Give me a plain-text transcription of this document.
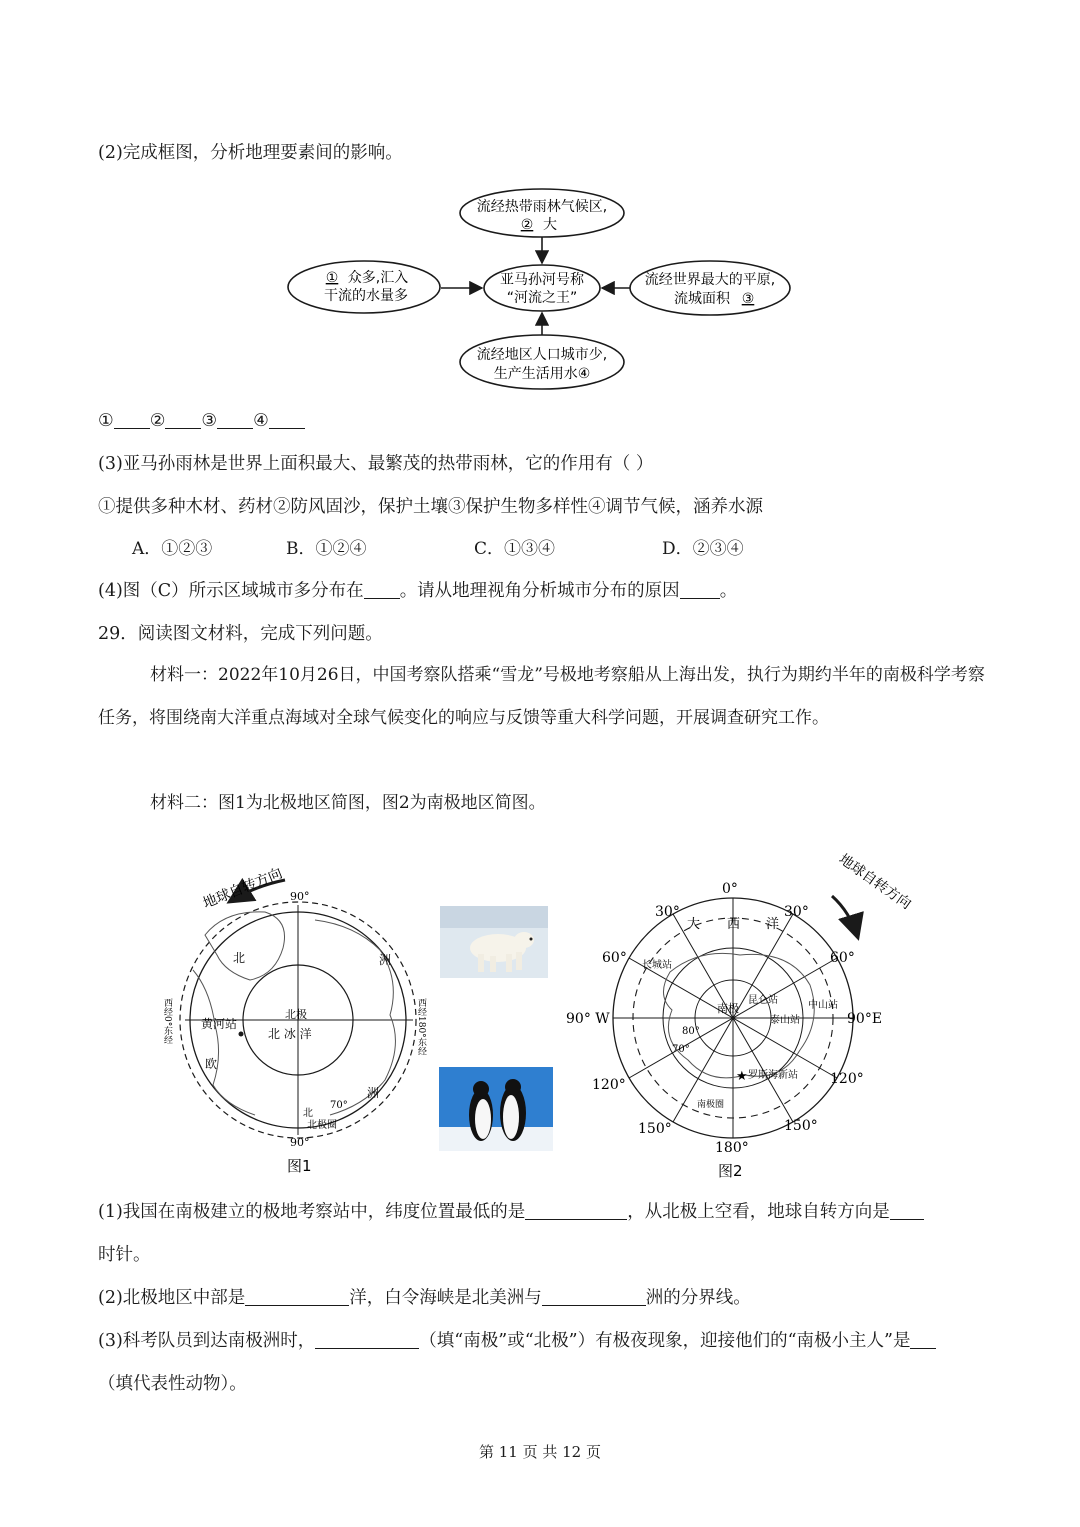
(2)完成框图，分析地理要素间的影响。
亚马孙河号称
“河流之王”
流经热带雨林气候区,
② 大
① 众多,汇入
干流的水量多
流经世界最大的平原,
流城面积 ③
流经地区人口城市少,
生产生活用水④
① ② ③ ④
(3)亚马孙雨林是世界上面积最大、最繁茂的热带雨林，它的作用有（ ）
①提供多种木材、药材②防风固沙，保护土壤③保护生物多样性④调节气候，涵养水源
A．①②③	B．①②④	C．①③④	D．②③④
(4)图（C）所示区域城市多分布在 。请从地理视角分析城市分布的原因 。
29．阅读图文材料，完成下列问题。
材料一：2022年10月26日，中国考察队搭乘“雪龙”号极地考察船从上海出发，执行为期约半年的南极科学考察任务，将围绕南大洋重点海域对全球气候变化的响应与反馈等重大科学问题，开展调查研究工作。
材料二：图1为北极地区简图，图2为南极地区简图。
地球自转方向 90°
90°
北	洲
北极
北 冰 洋
黄河站
西经0°东经	西经180°东经
70°
欧
洲
北极圈
北
图1
地球自转方向
0°
30°	30°
60°	60°
90° W	90°E
120°	120°
150°	150°
180°
大 西 洋
长城站
昆仑站
南极	中山站
泰山站
80°
70°
★ 罗斯海新站
南极圈
图2
(1)我国在南极建立的极地考察站中，纬度位置最低的是	，从北极上空看，地球自转方向是
时针。
(2)北极地区中部是	洋，白令海峡是北美洲与	洲的分界线。
(3)科考队员到达南极洲时，	（填“南极”或“北极”）有极夜现象，迎接他们的“南极小主人”是
（填代表性动物）。
第 11 页 共 12 页
